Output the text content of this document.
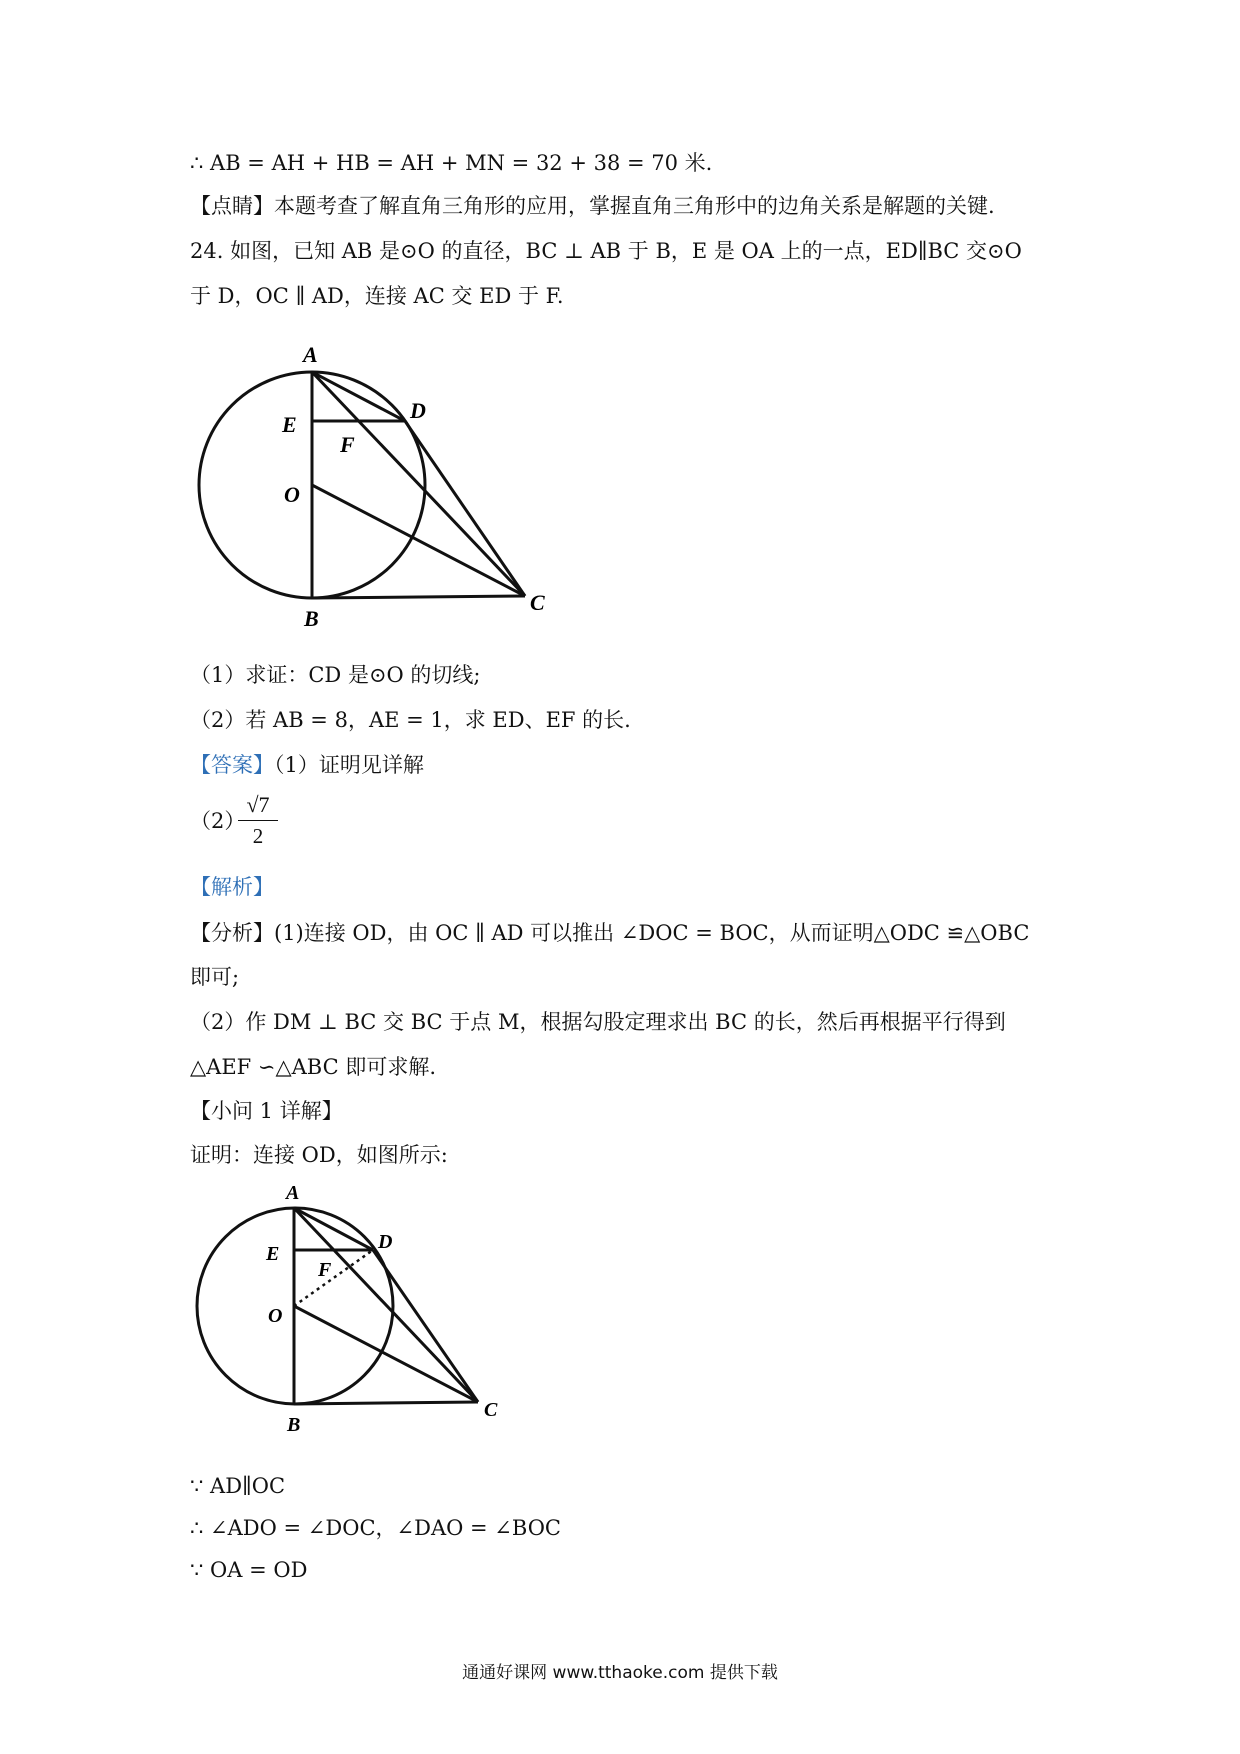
∴ AB = AH + HB = AH + MN = 32 + 38 = 70 米.
【点睛】本题考查了解直角三角形的应用，掌握直角三角形中的边角关系是解题的关键.
24. 如图，已知 AB 是⊙O 的直径，BC ⊥ AB 于 B，E 是 OA 上的一点，ED∥BC 交⊙O
于 D，OC ∥ AD，连接 AC 交 ED 于 F.
A
E
F
D
O
B
C
（1）求证：CD 是⊙O 的切线;
（2）若 AB = 8，AE = 1，求 ED、EF 的长.
【答案】（1）证明见详解
（2）
$\frac{√7}{2}$
【解析】
【分析】(1)连接 OD，由 OC ∥ AD 可以推出 ∠DOC = BOC，从而证明△ODC ≌△OBC
即可;
（2）作 DM ⊥ BC 交 BC 于点 M，根据勾股定理求出 BC 的长，然后再根据平行得到
△AEF ∽△ABC 即可求解.
【小问 1 详解】
证明：连接 OD，如图所示:
A
E
F
D
O
B
C
∵ AD∥OC
∴ ∠ADO = ∠DOC，∠DAO = ∠BOC
∵ OA = OD
通通好课网 www.tthaoke.com 提供下载
